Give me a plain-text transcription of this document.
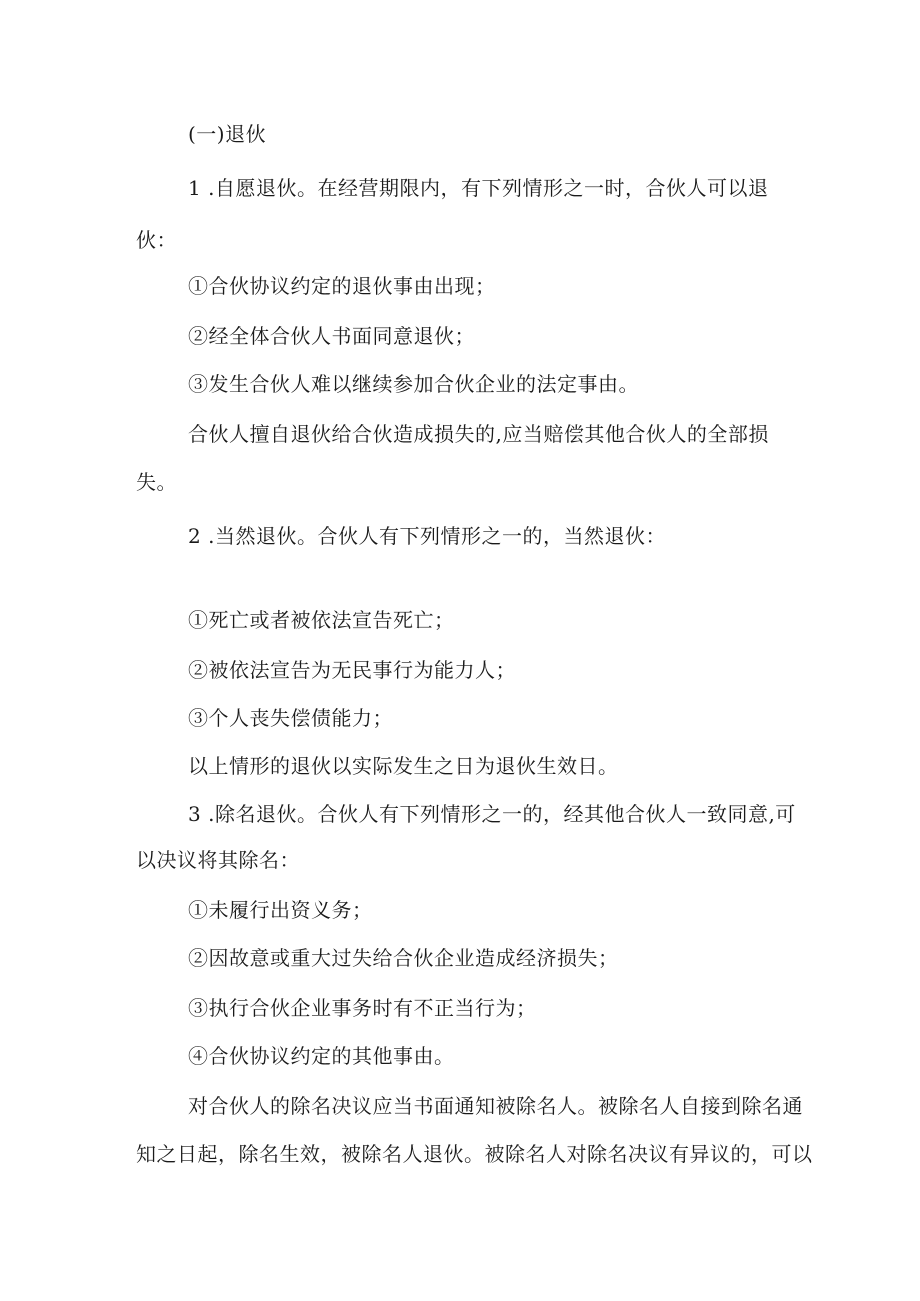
(一)退伙
1 .自愿退伙。在经营期限内，有下列情形之一时，合伙人可以退
伙：
①合伙协议约定的退伙事由出现；
②经全体合伙人书面同意退伙；
③发生合伙人难以继续参加合伙企业的法定事由。
合伙人擅自退伙给合伙造成损失的,应当赔偿其他合伙人的全部损
失。
2 .当然退伙。合伙人有下列情形之一的，当然退伙：
①死亡或者被依法宣告死亡；
②被依法宣告为无民事行为能力人；
③个人丧失偿债能力；
以上情形的退伙以实际发生之日为退伙生效日。
3 .除名退伙。合伙人有下列情形之一的，经其他合伙人一致同意,可
以决议将其除名：
①未履行出资义务；
②因故意或重大过失给合伙企业造成经济损失；
③执行合伙企业事务时有不正当行为；
④合伙协议约定的其他事由。
对合伙人的除名决议应当书面通知被除名人。被除名人自接到除名通
知之日起，除名生效，被除名人退伙。被除名人对除名决议有异议的，可以
